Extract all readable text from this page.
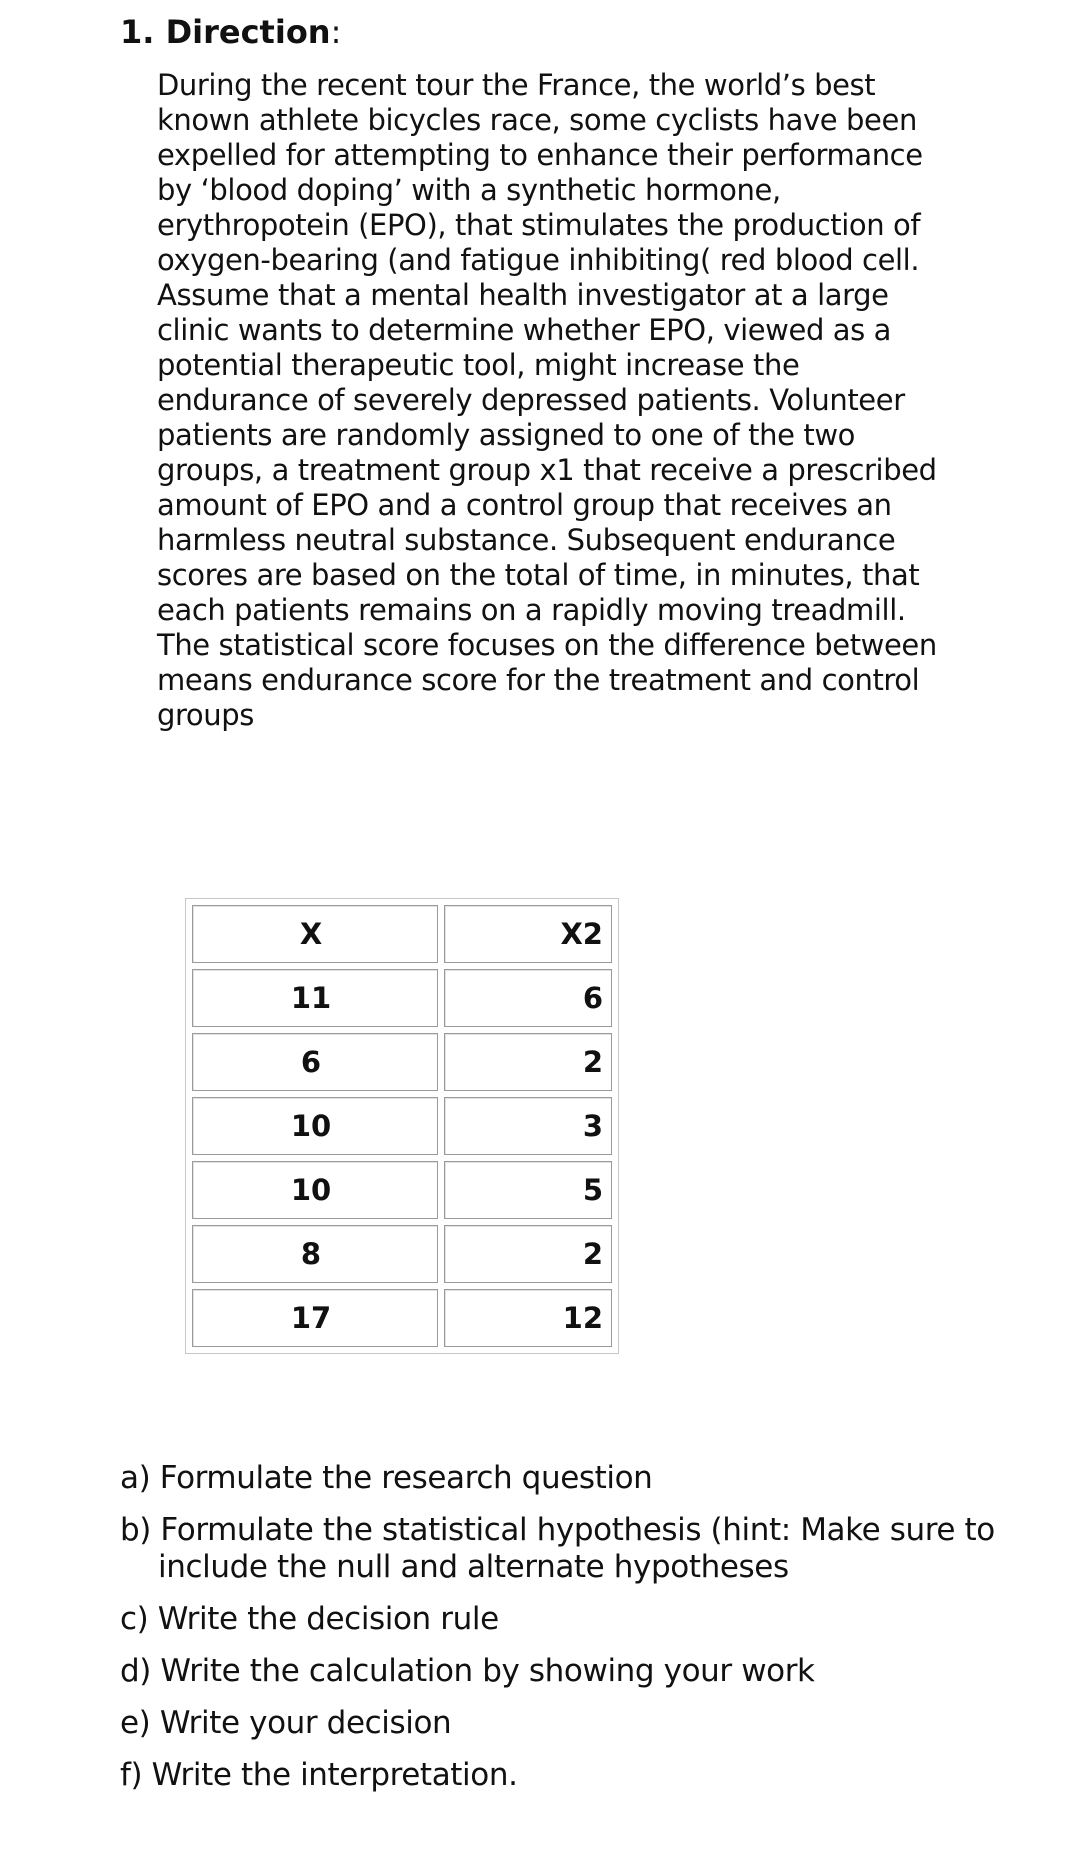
1. Direction:

During the recent tour the France, the world’s best
known athlete bicycles race, some cyclists have been
expelled for attempting to enhance their performance
by ‘blood doping’ with a synthetic hormone,
erythropotein (EPO), that stimulates the production of
oxygen-bearing (and fatigue inhibiting( red blood cell.
Assume that a mental health investigator at a large
clinic wants to determine whether EPO, viewed as a
potential therapeutic tool, might increase the
endurance of severely depressed patients. Volunteer
patients are randomly assigned to one of the two
groups, a treatment group x1 that receive a prescribed
amount of EPO and a control group that receives an
harmless neutral substance. Subsequent endurance
scores are based on the total of time, in minutes, that
each patients remains on a rapidly moving treadmill.
The statistical score focuses on the difference between
means endurance score for the treatment and control
groups

X	X2
11	6
6	2
10	3
10	5
8	2
17	12
a) Formulate the research question
b) Formulate the statistical hypothesis (hint: Make sure to include the null and alternate hypotheses
c) Write the decision rule
d) Write the calculation by showing your work
e) Write your decision
f) Write the interpretation.
